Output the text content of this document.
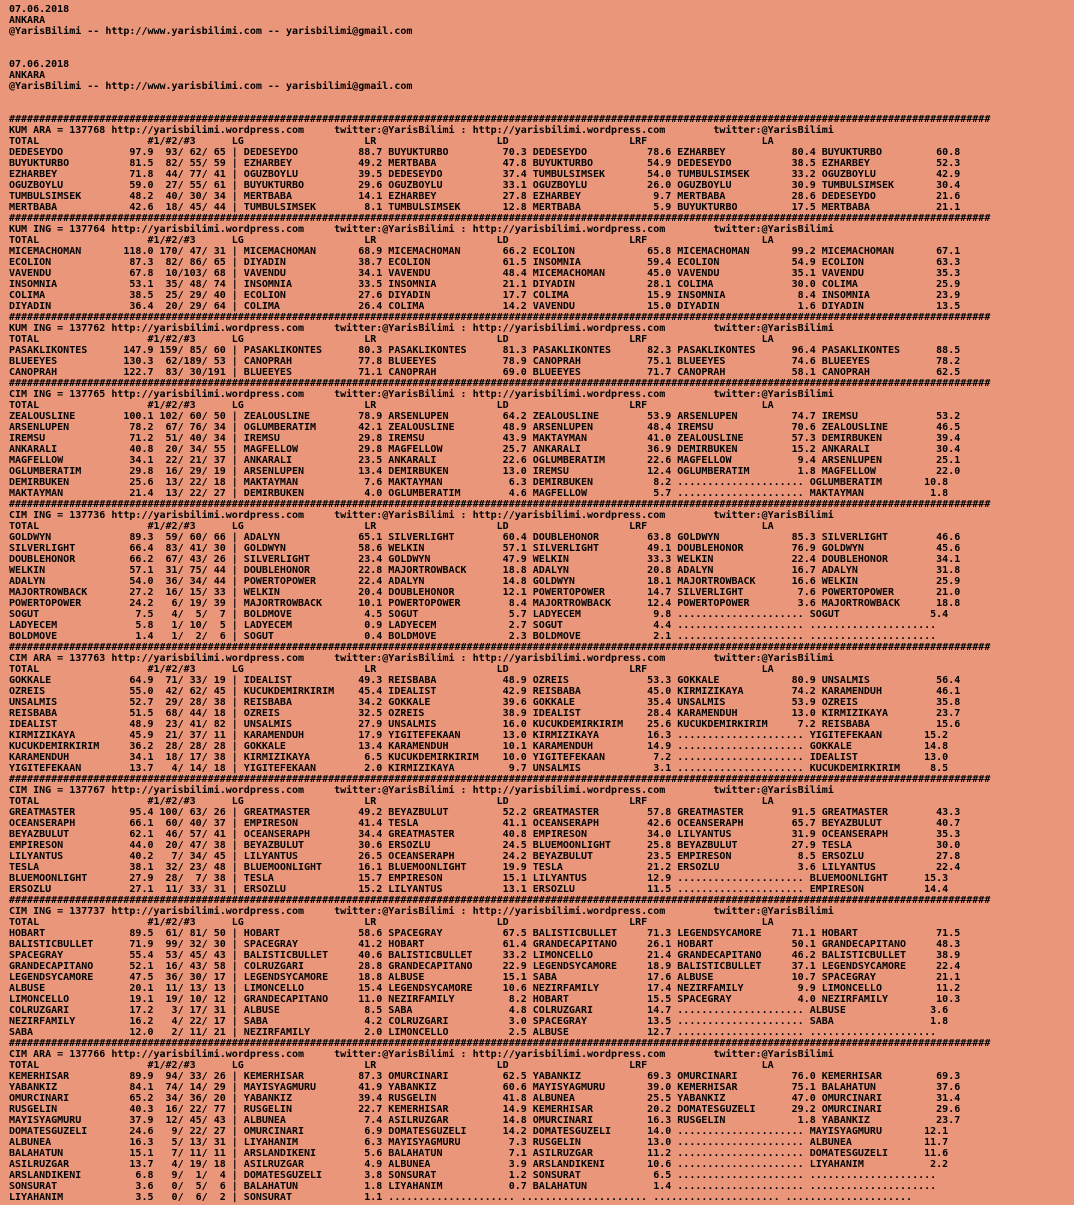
07.06.2018
ANKARA
@YarisBilimi -- http://www.yarisbilimi.com -- yarisbilimi@gmail.com
07.06.2018
ANKARA
@YarisBilimi -- http://www.yarisbilimi.com -- yarisbilimi@gmail.com
###################################################################################################################################################################
KUM ARA = 137768 http://yarisbilimi.wordpress.com     twitter:@YarisBilimi : http://yarisbilimi.wordpress.com        twitter:@YarisBilimi
TOTAL                  #1/#2/#3      LG                    LR                    LD                    LRF                   LA
DEDESEYDO           97.9  93/ 62/ 65 | DEDESEYDO          88.7 BUYUKTURBO         70.3 DEDESEYDO          78.6 EZHARBEY           80.4 BUYUKTURBO         60.8
BUYUKTURBO          81.5  82/ 55/ 59 | EZHARBEY           49.2 MERTBABA           47.8 BUYUKTURBO         54.9 DEDESEYDO          38.5 EZHARBEY           52.3
EZHARBEY            71.8  44/ 77/ 41 | OGUZBOYLU          39.5 DEDESEYDO          37.4 TUMBULSIMSEK       54.0 TUMBULSIMSEK       33.2 OGUZBOYLU          42.9
OGUZBOYLU           59.0  27/ 55/ 61 | BUYUKTURBO         29.6 OGUZBOYLU          33.1 OGUZBOYLU          26.0 OGUZBOYLU          30.9 TUMBULSIMSEK       30.4
TUMBULSIMSEK        48.2  40/ 30/ 34 | MERTBABA           14.1 EZHARBEY           27.8 EZHARBEY            9.7 MERTBABA           28.6 DEDESEYDO          21.6
MERTBABA            42.6  18/ 45/ 44 | TUMBULSIMSEK        8.1 TUMBULSIMSEK       12.8 MERTBABA            5.9 BUYUKTURBO         17.5 MERTBABA           21.1
###################################################################################################################################################################
KUM ING = 137764 http://yarisbilimi.wordpress.com     twitter:@YarisBilimi : http://yarisbilimi.wordpress.com        twitter:@YarisBilimi
TOTAL                  #1/#2/#3      LG                    LR                    LD                    LRF                   LA
MICEMACHOMAN       118.0 170/ 47/ 31 | MICEMACHOMAN       68.9 MICEMACHOMAN       66.2 ECOLION            65.8 MICEMACHOMAN       99.2 MICEMACHOMAN       67.1
ECOLION             87.3  82/ 86/ 65 | DIYADIN            38.7 ECOLION            61.5 INSOMNIA           59.4 ECOLION            54.9 ECOLION            63.3
VAVENDU             67.8  10/103/ 68 | VAVENDU            34.1 VAVENDU            48.4 MICEMACHOMAN       45.0 VAVENDU            35.1 VAVENDU            35.3
INSOMNIA            53.1  35/ 48/ 74 | INSOMNIA           33.5 INSOMNIA           21.1 DIYADIN            28.1 COLIMA             30.0 COLIMA             25.9
COLIMA              38.5  25/ 29/ 40 | ECOLION            27.6 DIYADIN            17.7 COLIMA             15.9 INSOMNIA            8.4 INSOMNIA           23.9
DIYADIN             36.4  20/ 29/ 64 | COLIMA             26.4 COLIMA             14.2 VAVENDU            15.0 DIYADIN             1.6 DIYADIN            13.5
###################################################################################################################################################################
KUM ING = 137762 http://yarisbilimi.wordpress.com     twitter:@YarisBilimi : http://yarisbilimi.wordpress.com        twitter:@YarisBilimi
TOTAL                  #1/#2/#3      LG                    LR                    LD                    LRF                   LA
PASAKLIKONTES      147.9 159/ 85/ 60 | PASAKLIKONTES      80.3 PASAKLIKONTES      81.3 PASAKLIKONTES      82.3 PASAKLIKONTES      96.4 PASAKLIKONTES      88.5
BLUEEYES           130.3  62/189/ 53 | CANOPRAH           77.8 BLUEEYES           78.9 CANOPRAH           75.1 BLUEEYES           74.6 BLUEEYES           78.2
CANOPRAH           122.7  83/ 30/191 | BLUEEYES           71.1 CANOPRAH           69.0 BLUEEYES           71.7 CANOPRAH           58.1 CANOPRAH           62.5
###################################################################################################################################################################
CIM ING = 137765 http://yarisbilimi.wordpress.com     twitter:@YarisBilimi : http://yarisbilimi.wordpress.com        twitter:@YarisBilimi
TOTAL                  #1/#2/#3      LG                    LR                    LD                    LRF                   LA
ZEALOUSLINE        100.1 102/ 60/ 50 | ZEALOUSLINE        78.9 ARSENLUPEN         64.2 ZEALOUSLINE        53.9 ARSENLUPEN         74.7 IREMSU             53.2
ARSENLUPEN          78.2  67/ 76/ 34 | OGLUMBERATIM       42.1 ZEALOUSLINE        48.9 ARSENLUPEN         48.4 IREMSU             70.6 ZEALOUSLINE        46.5
IREMSU              71.2  51/ 40/ 34 | IREMSU             29.8 IREMSU             43.9 MAKTAYMAN          41.0 ZEALOUSLINE        57.3 DEMIRBUKEN         39.4
ANKARALI            40.8  20/ 34/ 55 | MAGFELLOW          29.8 MAGFELLOW          25.7 ANKARALI           36.9 DEMIRBUKEN         15.2 ANKARALI           30.4
MAGFELLOW           34.1  22/ 21/ 37 | ANKARALI           23.5 ANKARALI           22.6 OGLUMBERATIM       22.6 MAGFELLOW           9.4 ARSENLUPEN         25.1
OGLUMBERATIM        29.8  16/ 29/ 19 | ARSENLUPEN         13.4 DEMIRBUKEN         13.0 IREMSU             12.4 OGLUMBERATIM        1.8 MAGFELLOW          22.0
DEMIRBUKEN          25.6  13/ 22/ 18 | MAKTAYMAN           7.6 MAKTAYMAN           6.3 DEMIRBUKEN          8.2 ..................... OGLUMBERATIM       10.8
MAKTAYMAN           21.4  13/ 22/ 27 | DEMIRBUKEN          4.0 OGLUMBERATIM        4.6 MAGFELLOW           5.7 ..................... MAKTAYMAN           1.8
###################################################################################################################################################################
CIM ING = 137736 http://yarisbilimi.wordpress.com     twitter:@YarisBilimi : http://yarisbilimi.wordpress.com        twitter:@YarisBilimi
TOTAL                  #1/#2/#3      LG                    LR                    LD                    LRF                   LA
GOLDWYN             89.3  59/ 60/ 66 | ADALYN             65.1 SILVERLIGHT        60.4 DOUBLEHONOR        63.8 GOLDWYN            85.3 SILVERLIGHT        46.6
SILVERLIGHT         66.4  83/ 41/ 30 | GOLDWYN            58.6 WELKIN             57.1 SILVERLIGHT        49.1 DOUBLEHONOR        76.9 GOLDWYN            45.6
DOUBLEHONOR         66.2  67/ 43/ 26 | SILVERLIGHT        23.4 GOLDWYN            47.9 WELKIN             33.3 WELKIN             22.4 DOUBLEHONOR        34.1
WELKIN              57.1  31/ 75/ 44 | DOUBLEHONOR        22.8 MAJORTROWBACK      18.8 ADALYN             20.8 ADALYN             16.7 ADALYN             31.8
ADALYN              54.0  36/ 34/ 44 | POWERTOPOWER       22.4 ADALYN             14.8 GOLDWYN            18.1 MAJORTROWBACK      16.6 WELKIN             25.9
MAJORTROWBACK       27.2  16/ 15/ 33 | WELKIN             20.4 DOUBLEHONOR        12.1 POWERTOPOWER       14.7 SILVERLIGHT         7.6 POWERTOPOWER       21.0
POWERTOPOWER        24.2   6/ 19/ 39 | MAJORTROWBACK      10.1 POWERTOPOWER        8.4 MAJORTROWBACK      12.4 POWERTOPOWER        3.6 MAJORTROWBACK      18.8
SOGUT                7.5   4/  5/  7 | BOLDMOVE            4.5 SOGUT               5.7 LADYECEM            9.8 ..................... SOGUT               5.4
LADYECEM             5.8   1/ 10/  5 | LADYECEM            0.9 LADYECEM            2.7 SOGUT               4.4 ..................... .....................
BOLDMOVE             1.4   1/  2/  6 | SOGUT               0.4 BOLDMOVE            2.3 BOLDMOVE            2.1 ..................... .....................
###################################################################################################################################################################
CIM ARA = 137763 http://yarisbilimi.wordpress.com     twitter:@YarisBilimi : http://yarisbilimi.wordpress.com        twitter:@YarisBilimi
TOTAL                  #1/#2/#3      LG                    LR                    LD                    LRF                   LA
GOKKALE             64.9  71/ 33/ 19 | IDEALIST           49.3 REISBABA           48.9 OZREIS             53.3 GOKKALE            80.9 UNSALMIS           56.4
OZREIS              55.0  42/ 62/ 45 | KUCUKDEMIRKIRIM    45.4 IDEALIST           42.9 REISBABA           45.0 KIRMIZIKAYA        74.2 KARAMENDUH         46.1
UNSALMIS            52.7  29/ 28/ 38 | REISBABA           34.2 GOKKALE            39.6 GOKKALE            35.4 UNSALMIS           53.9 OZREIS             35.8
REISBABA            51.5  68/ 44/ 18 | OZREIS             32.5 OZREIS             38.9 IDEALIST           28.4 KARAMENDUH         13.0 KIRMIZIKAYA        23.7
IDEALIST            48.9  23/ 41/ 82 | UNSALMIS           27.9 UNSALMIS           16.0 KUCUKDEMIRKIRIM    25.6 KUCUKDEMIRKIRIM     7.2 REISBABA           15.6
KIRMIZIKAYA         45.9  21/ 37/ 11 | KARAMENDUH         17.9 YIGITEFEKAAN       13.0 KIRMIZIKAYA        16.3 ..................... YIGITEFEKAAN       15.2
KUCUKDEMIRKIRIM     36.2  28/ 28/ 28 | GOKKALE            13.4 KARAMENDUH         10.1 KARAMENDUH         14.9 ..................... GOKKALE            14.8
KARAMENDUH          34.1  18/ 17/ 38 | KIRMIZIKAYA         6.5 KUCUKDEMIRKIRIM    10.0 YIGITEFEKAAN        7.2 ..................... IDEALIST           13.0
YIGITEFEKAAN        13.7   4/ 14/ 18 | YIGITEFEKAAN        2.0 KIRMIZIKAYA         9.7 UNSALMIS            3.1 ..................... KUCUKDEMIRKIRIM     8.5
###################################################################################################################################################################
CIM ING = 137767 http://yarisbilimi.wordpress.com     twitter:@YarisBilimi : http://yarisbilimi.wordpress.com        twitter:@YarisBilimi
TOTAL                  #1/#2/#3      LG                    LR                    LD                    LRF                   LA
GREATMASTER         95.4 100/ 63/ 26 | GREATMASTER        49.2 BEYAZBULUT         52.2 GREATMASTER        57.8 GREATMASTER        91.5 GREATMASTER        43.3
OCEANSERAPH         66.1  60/ 40/ 37 | EMPIRESON          41.4 TESLA              41.1 OCEANSERAPH        42.6 OCEANSERAPH        65.7 BEYAZBULUT         40.7
BEYAZBULUT          62.1  46/ 57/ 41 | OCEANSERAPH        34.4 GREATMASTER        40.8 EMPIRESON          34.0 LILYANTUS          31.9 OCEANSERAPH        35.3
EMPIRESON           44.0  20/ 47/ 38 | BEYAZBULUT         30.6 ERSOZLU            24.5 BLUEMOONLIGHT      25.8 BEYAZBULUT         27.9 TESLA              30.0
LILYANTUS           40.2   7/ 34/ 45 | LILYANTUS          26.5 OCEANSERAPH        24.2 BEYAZBULUT         23.5 EMPIRESON           8.5 ERSOZLU            27.8
TESLA               38.1  32/ 23/ 48 | BLUEMOONLIGHT      16.1 BLUEMOONLIGHT      19.9 TESLA              21.2 ERSOZLU             3.6 LILYANTUS          22.4
BLUEMOONLIGHT       27.9  28/  7/ 38 | TESLA              15.7 EMPIRESON          15.1 LILYANTUS          12.9 ..................... BLUEMOONLIGHT      15.3
ERSOZLU             27.1  11/ 33/ 31 | ERSOZLU            15.2 LILYANTUS          13.1 ERSOZLU            11.5 ..................... EMPIRESON          14.4
###################################################################################################################################################################
CIM ING = 137737 http://yarisbilimi.wordpress.com     twitter:@YarisBilimi : http://yarisbilimi.wordpress.com        twitter:@YarisBilimi
TOTAL                  #1/#2/#3      LG                    LR                    LD                    LRF                   LA
HOBART              89.5  61/ 81/ 50 | HOBART             58.6 SPACEGRAY          67.5 BALISTICBULLET     71.3 LEGENDSYCAMORE     71.1 HOBART             71.5
BALISTICBULLET      71.9  99/ 32/ 30 | SPACEGRAY          41.2 HOBART             61.4 GRANDECAPITANO     26.1 HOBART             50.1 GRANDECAPITANO     48.3
SPACEGRAY           55.4  53/ 45/ 43 | BALISTICBULLET     40.6 BALISTICBULLET     33.2 LIMONCELLO         21.4 GRANDECAPITANO     46.2 BALISTICBULLET     38.9
GRANDECAPITANO      52.1  16/ 43/ 58 | COLRUZGARI         28.8 GRANDECAPITANO     22.9 LEGENDSYCAMORE     18.9 BALISTICBULLET     37.1 LEGENDSYCAMORE     22.4
LEGENDSYCAMORE      47.5  36/ 30/ 17 | LEGENDSYCAMORE     18.8 ALBUSE             15.1 SABA               17.6 ALBUSE             10.7 SPACEGRAY          21.1
ALBUSE              20.1  11/ 13/ 13 | LIMONCELLO         15.4 LEGENDSYCAMORE     10.6 NEZIRFAMILY        17.4 NEZIRFAMILY         9.9 LIMONCELLO         11.2
LIMONCELLO          19.1  19/ 10/ 12 | GRANDECAPITANO     11.0 NEZIRFAMILY         8.2 HOBART             15.5 SPACEGRAY           4.0 NEZIRFAMILY        10.3
COLRUZGARI          17.2   3/ 17/ 31 | ALBUSE              8.5 SABA                4.8 COLRUZGARI         14.7 ..................... ALBUSE              3.6
NEZIRFAMILY         16.2   4/ 22/ 17 | SABA                4.2 COLRUZGARI          3.0 SPACEGRAY          13.5 ..................... SABA                1.8
SABA                12.0   2/ 11/ 21 | NEZIRFAMILY         2.0 LIMONCELLO          2.5 ALBUSE             12.7 ..................... .....................
###################################################################################################################################################################
CIM ARA = 137766 http://yarisbilimi.wordpress.com     twitter:@YarisBilimi : http://yarisbilimi.wordpress.com        twitter:@YarisBilimi
TOTAL                  #1/#2/#3      LG                    LR                    LD                    LRF                   LA
KEMERHISAR          89.9  94/ 33/ 26 | KEMERHISAR         87.3 OMURCINARI         62.5 YABANKIZ           69.3 OMURCINARI         76.0 KEMERHISAR         69.3
YABANKIZ            84.1  74/ 14/ 29 | MAYISYAGMURU       41.9 YABANKIZ           60.6 MAYISYAGMURU       39.0 KEMERHISAR         75.1 BALAHATUN          37.6
OMURCINARI          65.2  34/ 36/ 20 | YABANKIZ           39.4 RUSGELIN           41.8 ALBUNEA            25.5 YABANKIZ           47.0 OMURCINARI         31.4
RUSGELIN            40.3  16/ 22/ 77 | RUSGELIN           22.7 KEMERHISAR         14.9 KEMERHISAR         20.2 DOMATESGUZELI      29.2 OMURCINARI         29.6
MAYISYAGMURU        37.9  12/ 45/ 43 | ALBUNEA             7.4 ASILRUZGAR         14.8 OMURCINARI         16.3 RUSGELIN            1.8 YABANKIZ           23.7
DOMATESGUZELI       24.6   9/ 22/ 27 | OMURCINARI          6.9 DOMATESGUZELI      14.2 DOMATESGUZELI      14.0 ..................... MAYISYAGMURU       12.1
ALBUNEA             16.3   5/ 13/ 31 | LIYAHANIM           6.3 MAYISYAGMURU        7.3 RUSGELIN           13.0 ..................... ALBUNEA            11.7
BALAHATUN           15.1   7/ 11/ 11 | ARSLANDIKENI        5.6 BALAHATUN           7.1 ASILRUZGAR         11.2 ..................... DOMATESGUZELI      11.6
ASILRUZGAR          13.7   4/ 19/ 18 | ASILRUZGAR          4.9 ALBUNEA             3.9 ARSLANDIKENI       10.6 ..................... LIYAHANIM           2.2
ARSLANDIKENI         6.8   9/  1/  4 | DOMATESGUZELI       3.8 SONSURAT            1.2 SONSURAT            6.5 ..................... .....................
SONSURAT             3.6   0/  5/  6 | BALAHATUN           1.8 LIYAHANIM           0.7 BALAHATUN           1.4 ..................... .....................
LIYAHANIM            3.5   0/  6/  2 | SONSURAT            1.1 ..................... ..................... ..................... .....................
